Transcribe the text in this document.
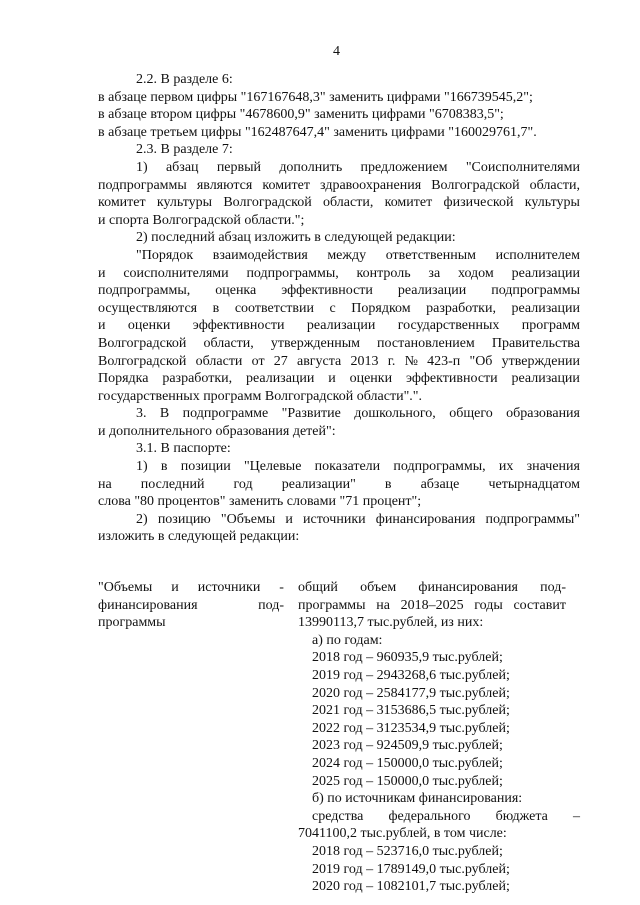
4
2.2. В разделе 6:
в абзаце первом цифры "167167648,3" заменить цифрами "166739545,2";
в абзаце втором цифры "4678600,9" заменить цифрами "6708383,5";
в абзаце третьем цифры "162487647,4" заменить цифрами "160029761,7".
2.3. В разделе 7:
1) абзац первый дополнить предложением "Соисполнителями
подпрограммы являются комитет здравоохранения Волгоградской области,
комитет культуры Волгоградской области, комитет физической культуры
и спорта Волгоградской области.";
2) последний абзац изложить в следующей редакции:
"Порядок взаимодействия между ответственным исполнителем
и соисполнителями подпрограммы, контроль за ходом реализации
подпрограммы, оценка эффективности реализации подпрограммы
осуществляются в соответствии с Порядком разработки, реализации
и оценки эффективности реализации государственных программ
Волгоградской области, утвержденным постановлением Правительства
Волгоградской области от 27 августа 2013 г. № 423-п "Об утверждении
Порядка разработки, реализации и оценки эффективности реализации
государственных программ Волгоградской области".".
3. В подпрограмме "Развитие дошкольного, общего образования
и дополнительного образования детей":
3.1. В паспорте:
1) в позиции "Целевые показатели подпрограммы, их значения
на последний год реализации" в абзаце четырнадцатом
слова "80 процентов" заменить словами "71 процент";
2) позицию "Объемы и источники финансирования подпрограммы"
изложить в следующей редакции:
"Объемы и источники -
финансирования	под-
программы
общий объем финансирования под-
программы на 2018–2025 годы составит
13990113,7 тыс.рублей, из них:
а) по годам:
2018 год – 960935,9 тыс.рублей;
2019 год – 2943268,6 тыс.рублей;
2020 год – 2584177,9 тыс.рублей;
2021 год – 3153686,5 тыс.рублей;
2022 год – 3123534,9 тыс.рублей;
2023 год – 924509,9 тыс.рублей;
2024 год – 150000,0 тыс.рублей;
2025 год – 150000,0 тыс.рублей;
б) по источникам финансирования:
средства федерального бюджета –
7041100,2 тыс.рублей, в том числе:
2018 год – 523716,0 тыс.рублей;
2019 год – 1789149,0 тыс.рублей;
2020 год – 1082101,7 тыс.рублей;
